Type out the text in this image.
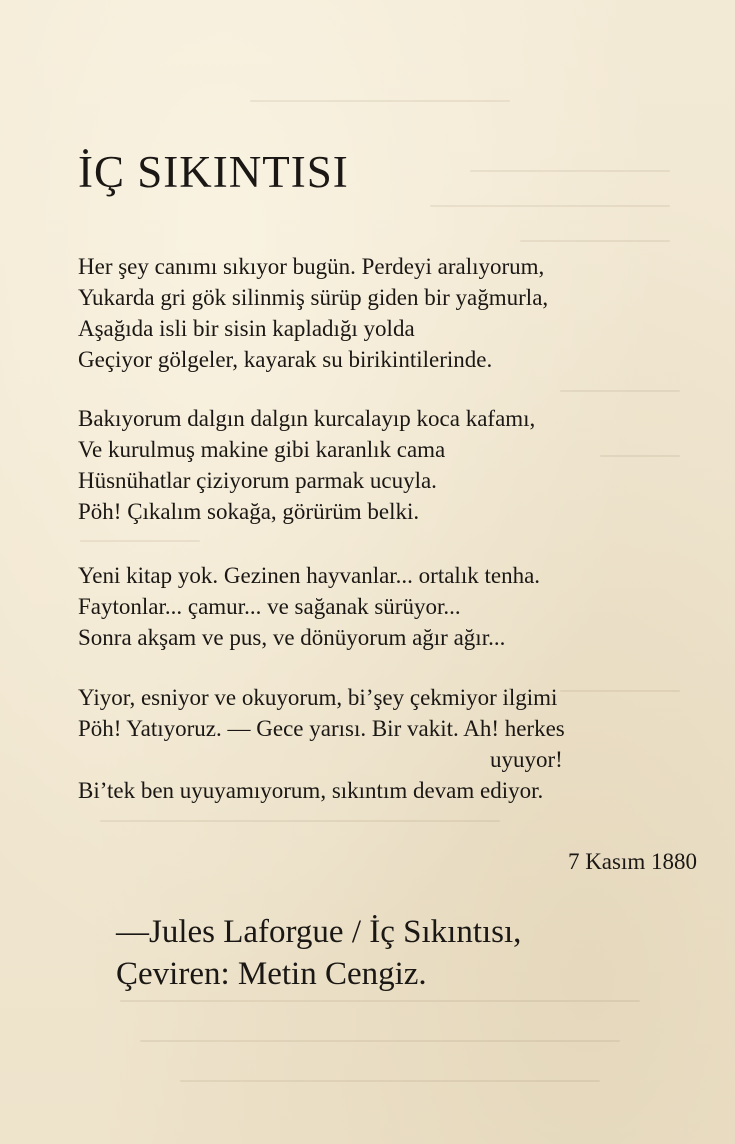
İÇ SIKINTISI
Her şey canımı sıkıyor bugün. Perdeyi aralıyorum,
Yukarda gri gök silinmiş sürüp giden bir yağmurla,
Aşağıda isli bir sisin kapladığı yolda
Geçiyor gölgeler, kayarak su birikintilerinde.
Bakıyorum dalgın dalgın kurcalayıp koca kafamı,
Ve kurulmuş makine gibi karanlık cama
Hüsnühatlar çiziyorum parmak ucuyla.
Pöh! Çıkalım sokağa, görürüm belki.
Yeni kitap yok. Gezinen hayvanlar... ortalık tenha.
Faytonlar... çamur... ve sağanak sürüyor...
Sonra akşam ve pus, ve dönüyorum ağır ağır...
Yiyor, esniyor ve okuyorum, bi’şey çekmiyor ilgimi
Pöh! Yatıyoruz. — Gece yarısı. Bir vakit. Ah! herkes
uyuyor!
Bi’tek ben uyuyamıyorum, sıkıntım devam ediyor.
7 Kasım 1880
—Jules Laforgue / İç Sıkıntısı,
Çeviren: Metin Cengiz.
